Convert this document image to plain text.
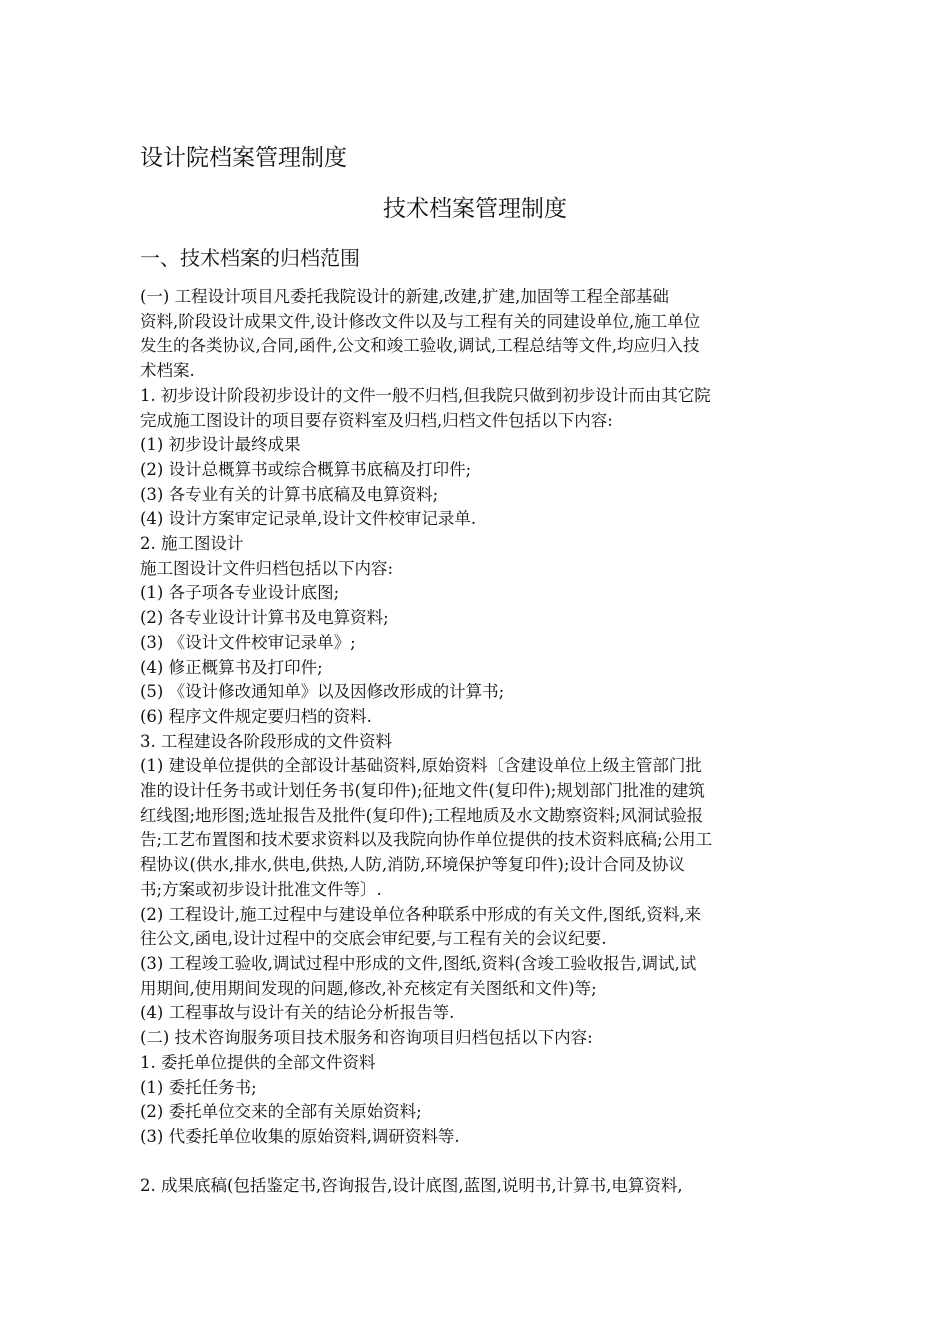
设计院档案管理制度
技术档案管理制度
一、技术档案的归档范围

(一) 工程设计项目凡委托我院设计的新建,改建,扩建,加固等工程全部基础

资料,阶段设计成果文件,设计修改文件以及与工程有关的同建设单位,施工单位

发生的各类协议,合同,函件,公文和竣工验收,调试,工程总结等文件,均应归入技

术档案.

1. 初步设计阶段初步设计的文件一般不归档,但我院只做到初步设计而由其它院

完成施工图设计的项目要存资料室及归档,归档文件包括以下内容:

(1) 初步设计最终成果

(2) 设计总概算书或综合概算书底稿及打印件;

(3) 各专业有关的计算书底稿及电算资料;

(4) 设计方案审定记录单,设计文件校审记录单.

2. 施工图设计

施工图设计文件归档包括以下内容:

(1) 各子项各专业设计底图;

(2) 各专业设计计算书及电算资料;

(3) 《设计文件校审记录单》;

(4) 修正概算书及打印件;

(5) 《设计修改通知单》以及因修改形成的计算书;

(6) 程序文件规定要归档的资料.

3. 工程建设各阶段形成的文件资料

(1) 建设单位提供的全部设计基础资料,原始资料〔含建设单位上级主管部门批

准的设计任务书或计划任务书(复印件);征地文件(复印件);规划部门批准的建筑

红线图;地形图;选址报告及批件(复印件);工程地质及水文勘察资料;风洞试验报

告;工艺布置图和技术要求资料以及我院向协作单位提供的技术资料底稿;公用工

程协议(供水,排水,供电,供热,人防,消防,环境保护等复印件);设计合同及协议

书;方案或初步设计批准文件等〕.

(2) 工程设计,施工过程中与建设单位各种联系中形成的有关文件,图纸,资料,来

往公文,函电,设计过程中的交底会审纪要,与工程有关的会议纪要.

(3) 工程竣工验收,调试过程中形成的文件,图纸,资料(含竣工验收报告,调试,试

用期间,使用期间发现的问题,修改,补充核定有关图纸和文件)等;

(4) 工程事故与设计有关的结论分析报告等.

(二) 技术咨询服务项目技术服务和咨询项目归档包括以下内容:

1. 委托单位提供的全部文件资料

(1) 委托任务书;

(2) 委托单位交来的全部有关原始资料;

(3) 代委托单位收集的原始资料,调研资料等.

2. 成果底稿(包括鉴定书,咨询报告,设计底图,蓝图,说明书,计算书,电算资料,
